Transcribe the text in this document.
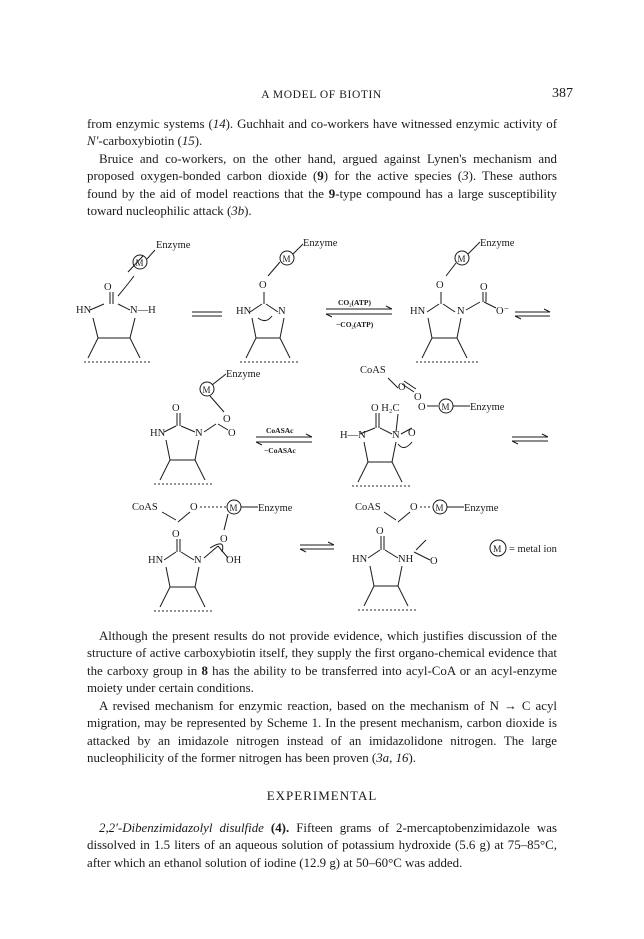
A MODEL OF BIOTIN	387

from enzymic systems (14). Guchhait and co-workers have witnessed enzymic activity of N′-carboxybiotin (15).

Bruice and co-workers, on the other hand, argued against Lynen's mechanism and proposed oxygen-bonded carbon dioxide (9) for the active species (3). These authors found by the aid of model reactions that the 9-type compound has a large susceptibility toward nucleophilic attack (3b).

Enzyme
M
O
HN	N—H
Enzyme
M
O
HN	N
CO₂(ATP)
−CO₂(ATP)
Enzyme
M
O
HN	N
O
O⁻
Enzyme
M
O
O
HN	N O	CoASAc
−CoASAc
CoAS
O
O
O M Enzyme
O H₂C
H—N	N O
CoAS	O	M Enzyme
O
O
HN	N OH
CoAS	O M Enzyme
O
HN	NH O
M = metal ion

Although the present results do not provide evidence, which justifies discussion of the structure of active carboxybiotin itself, they supply the first organo-chemical evidence that the carboxy group in 8 has the ability to be transferred into acyl-CoA or an acyl-enzyme moiety under certain conditions.

A revised mechanism for enzymic reaction, based on the mechanism of N → C acyl migration, may be represented by Scheme 1. In the present mechanism, carbon dioxide is attacked by an imidazole nitrogen instead of an imidazolidone nitrogen. The large nucleophilicity of the former nitrogen has been proven (3a, 16).

EXPERIMENTAL

2,2′-Dibenzimidazolyl disulfide (4). Fifteen grams of 2-mercaptobenzimidazole was dissolved in 1.5 liters of an aqueous solution of potassium hydroxide (5.6 g) at 75–85°C, after which an ethanol solution of iodine (12.9 g) at 50–60°C was added.
